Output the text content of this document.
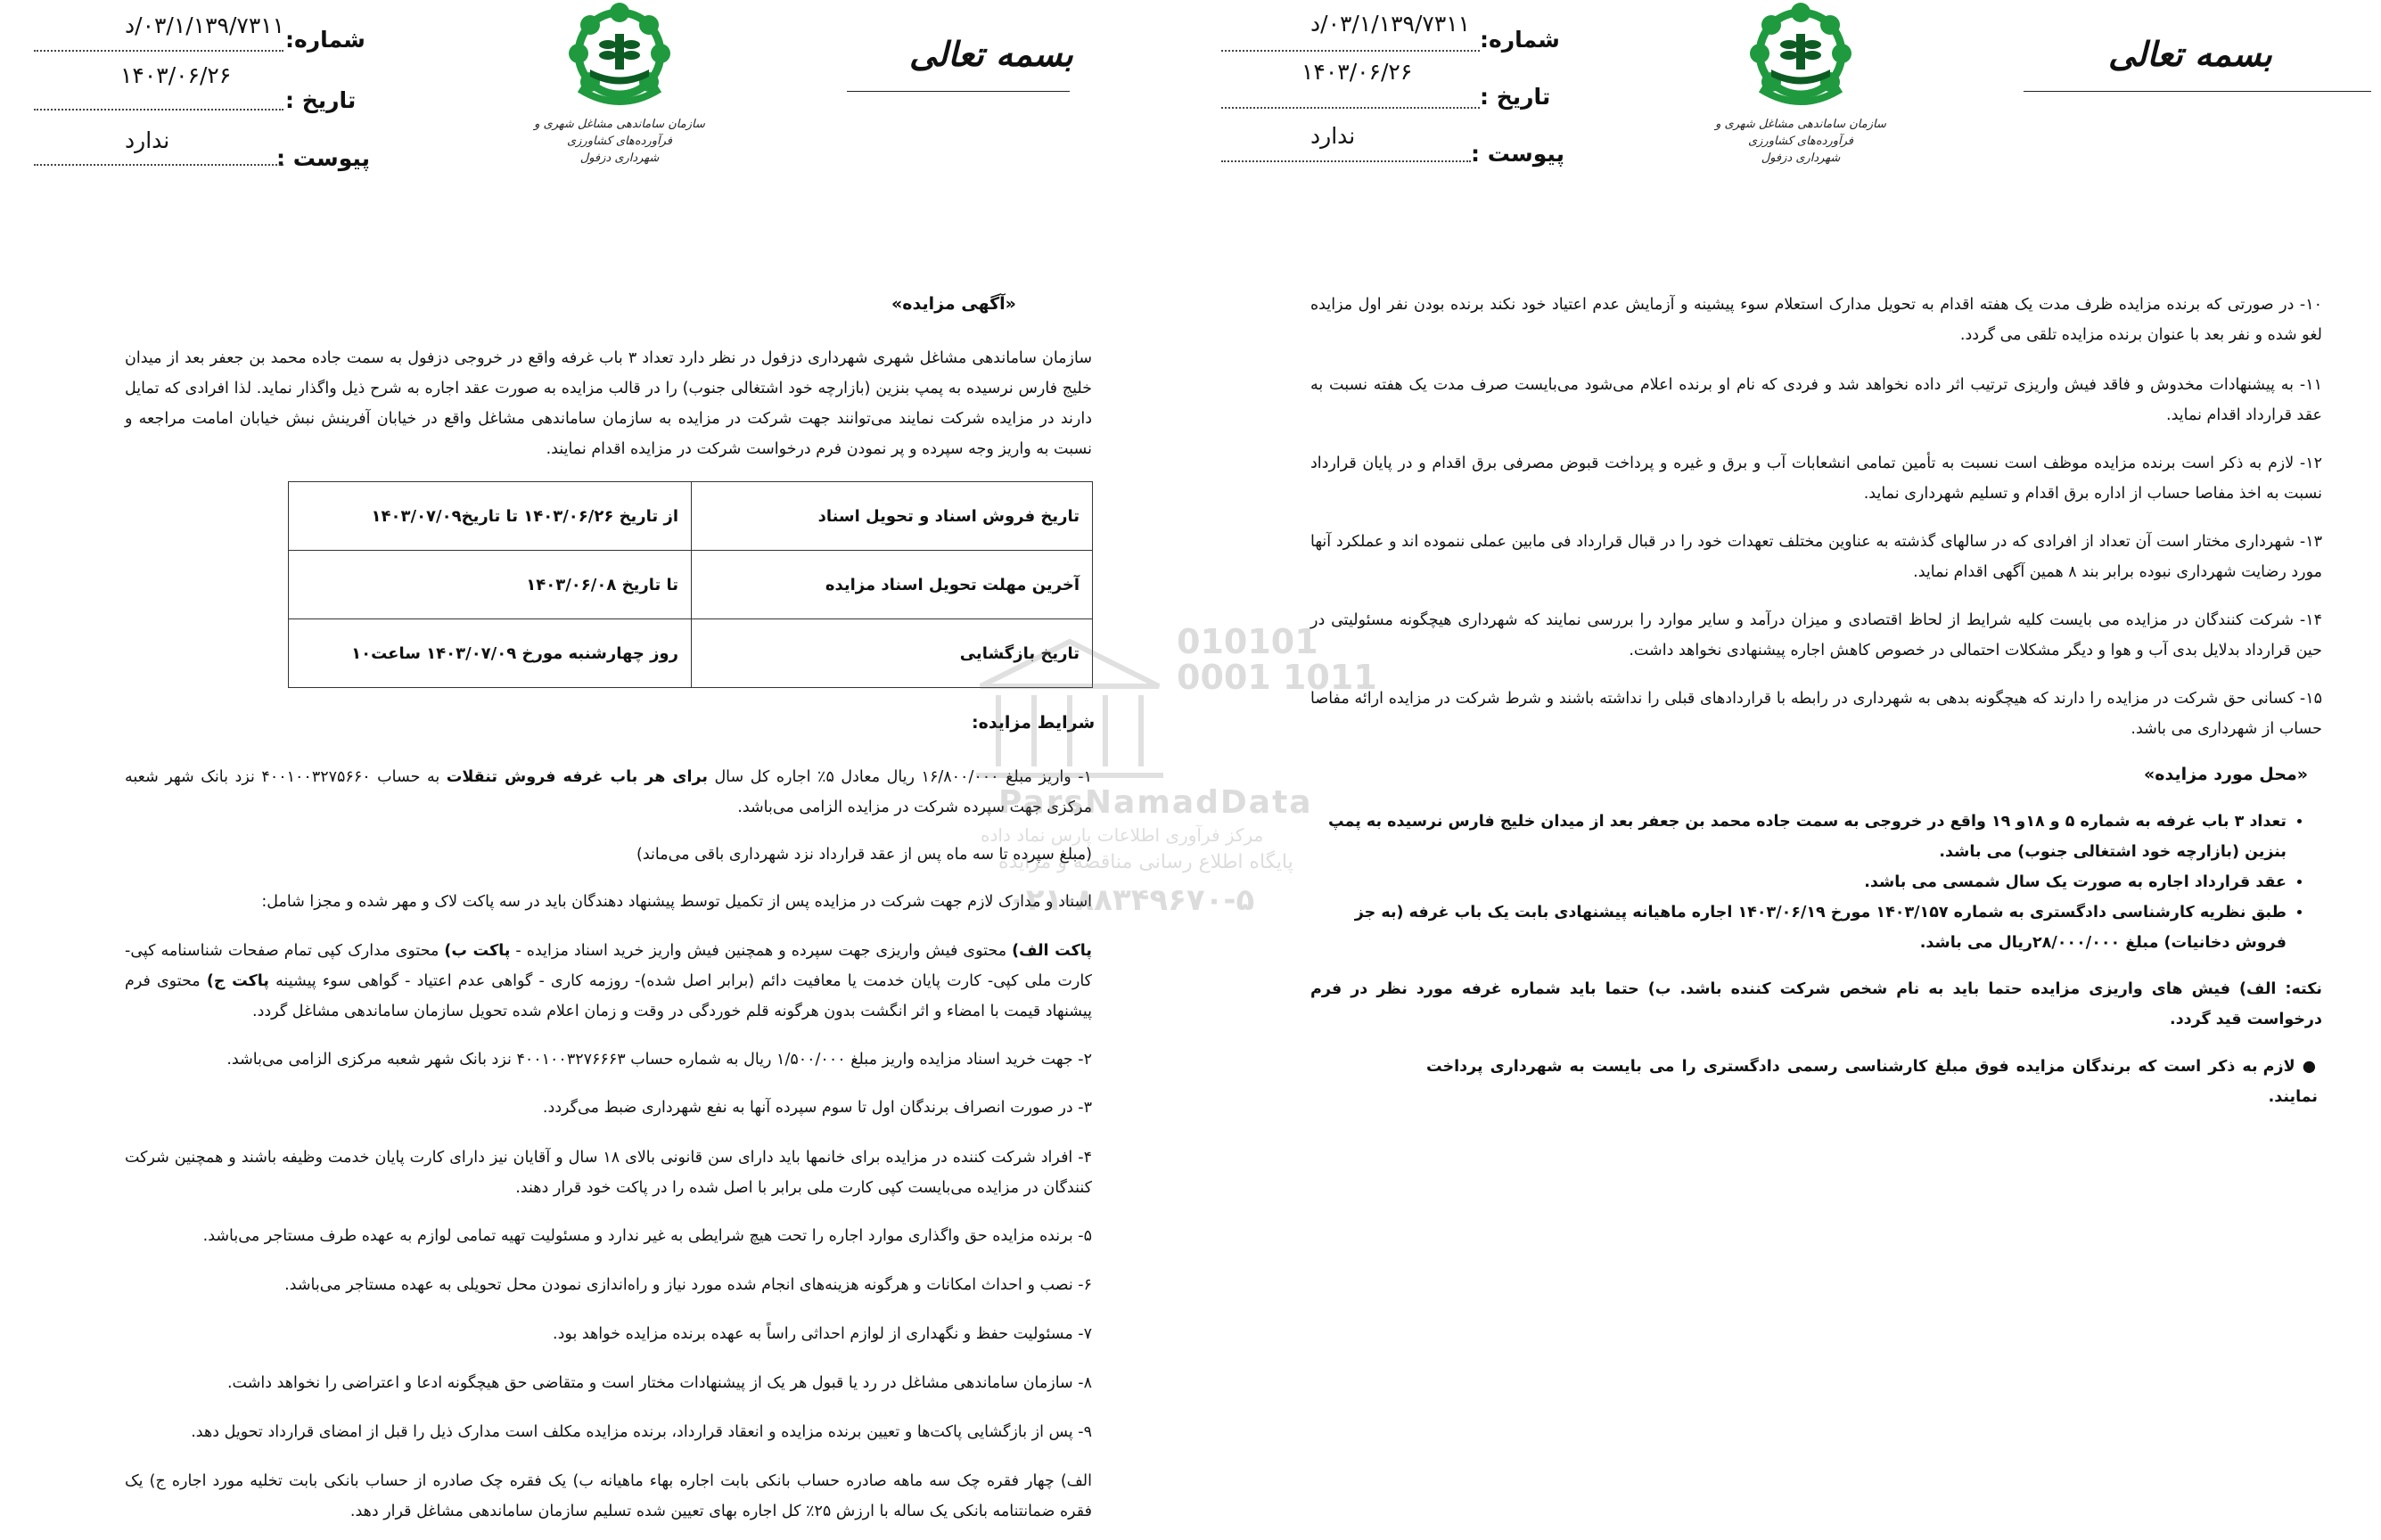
بسمه تعالی
سازمان ساماندهی مشاغل شهری و فرآورده‌های کشاورزی
شهرداری دزفول
شماره:
۰۳/۱/۱۳۹/۷۳۱۱/د
تاریخ :
۱۴۰۳/۰۶/۲۶
پیوست :
ندارد
«آگهی مزایده»
سازمان ساماندهی مشاغل شهری شهرداری دزفول در نظر دارد تعداد ۳ باب غرفه واقع در خروجی دزفول به سمت جاده محمد بن جعفر بعد از میدان خلیج فارس نرسیده به پمپ بنزین (بازارچه خود اشتغالی جنوب) را در قالب مزایده به صورت عقد اجاره به شرح ذیل واگذار نماید. لذا افرادی که تمایل دارند در مزایده شرکت نمایند می‌توانند جهت شرکت در مزایده به سازمان ساماندهی مشاغل واقع در خیابان آفرینش نبش خیابان امامت مراجعه و نسبت به واریز وجه سپرده و پر نمودن فرم درخواست شرکت در مزایده اقدام نمایند.
تاریخ فروش اسناد و تحویل اسناد	از تاریخ ۱۴۰۳/۰۶/۲۶ تا تاریخ۱۴۰۳/۰۷/۰۹
آخرین مهلت تحویل اسناد مزایده	تا تاریخ ۱۴۰۳/۰۶/۰۸
تاریخ بازگشایی	روز چهارشنبه مورخ ۱۴۰۳/۰۷/۰۹ ساعت۱۰
شرایط مزایده:
۱- واریز مبلغ ۱۶/۸۰۰/۰۰۰ ریال معادل ۵٪ اجاره کل سال برای هر باب غرفه فروش تنقلات به حساب ۴۰۰۱۰۰۳۲۷۵۶۶۰ نزد بانک شهر شعبه مرکزی جهت سپرده شرکت در مزایده الزامی می‌باشد.
(مبلغ سپرده تا سه ماه پس از عقد قرارداد نزد شهرداری باقی می‌ماند)
اسناد و مدارک لازم جهت شرکت در مزایده پس از تکمیل توسط پیشنهاد دهندگان باید در سه پاکت لاک و مهر شده و مجزا شامل:
پاکت الف) محتوی فیش واریزی جهت سپرده و همچنین فیش واریز خرید اسناد مزایده - پاکت ب) محتوی مدارک کپی تمام صفحات شناسنامه کپی- کارت ملی کپی- کارت پایان خدمت یا معافیت دائم (برابر اصل شده)- روزمه کاری - گواهی عدم اعتیاد - گواهی سوء پیشینه پاکت ج) محتوی فرم پیشنهاد قیمت با امضاء و اثر انگشت بدون هرگونه قلم خوردگی در وقت و زمان اعلام شده تحویل سازمان ساماندهی مشاغل گردد.
۲- جهت خرید اسناد مزایده واریز مبلغ ۱/۵۰۰/۰۰۰ ریال به شماره حساب ۴۰۰۱۰۰۳۲۷۶۶۶۳ نزد بانک شهر شعبه مرکزی الزامی می‌باشد.
۳- در صورت انصراف برندگان اول تا سوم سپرده آنها به نفع شهرداری ضبط می‌گردد.
۴- افراد شرکت کننده در مزایده برای خانمها باید دارای سن قانونی بالای ۱۸ سال و آقایان نیز دارای کارت پایان خدمت وظیفه باشند و همچنین شرکت کنندگان در مزایده می‌بایست کپی کارت ملی برابر با اصل شده را در پاکت خود قرار دهند.
۵- برنده مزایده حق واگذاری موارد اجاره را تحت هیچ شرایطی به غیر ندارد و مسئولیت تهیه تمامی لوازم به عهده طرف مستاجر می‌باشد.
۶- نصب و احداث امکانات و هرگونه هزینه‌های انجام شده مورد نیاز و راه‌اندازی نمودن محل تحویلی به عهده مستاجر می‌باشد.
۷- مسئولیت حفظ و نگهداری از لوازم احداثی راساً به عهده برنده مزایده خواهد بود.
۸- سازمان ساماندهی مشاغل در رد یا قبول هر یک از پیشنهادات مختار است و متقاضی حق هیچگونه ادعا و اعتراضی را نخواهد داشت.
۹- پس از بازگشایی پاکت‌ها و تعیین برنده مزایده و انعقاد قرارداد، برنده مزایده مکلف است مدارک ذیل را قبل از امضای قرارداد تحویل دهد.
الف) چهار فقره چک سه ماهه صادره حساب بانکی بابت اجاره بهاء ماهیانه ب) یک فقره چک صادره از حساب بانکی بابت تخلیه مورد اجاره ج) یک فقره ضمانتنامه بانکی یک ساله با ارزش ۲۵٪ کل اجاره بهای تعیین شده تسلیم سازمان ساماندهی مشاغل قرار دهد.
بسمه تعالی
سازمان ساماندهی مشاغل شهری و فرآورده‌های کشاورزی
شهرداری دزفول
شماره:
۰۳/۱/۱۳۹/۷۳۱۱/د
تاریخ :
۱۴۰۳/۰۶/۲۶
پیوست :
ندارد
۱۰- در صورتی که برنده مزایده ظرف مدت یک هفته اقدام به تحویل مدارک استعلام سوء پیشینه و آزمایش عدم اعتیاد خود نکند برنده بودن نفر اول مزایده لغو شده و نفر بعد با عنوان برنده مزایده تلقی می گردد.
۱۱- به پیشنهادات مخدوش و فاقد فیش واریزی ترتیب اثر داده نخواهد شد و فردی که نام او برنده اعلام می‌شود می‌بایست صرف مدت یک هفته نسبت به عقد قرارداد اقدام نماید.
۱۲- لازم به ذکر است برنده مزایده موظف است نسبت به تأمین تمامی انشعابات آب و برق و غیره و پرداخت قبوض مصرفی برق اقدام و در پایان قرارداد نسبت به اخذ مفاصا حساب از اداره برق اقدام و تسلیم شهرداری نماید.
۱۳- شهرداری مختار است آن تعداد از افرادی که در سالهای گذشته به عناوین مختلف تعهدات خود را در قبال قرارداد فی مابین عملی ننموده اند و عملکرد آنها مورد رضایت شهرداری نبوده برابر بند ۸ همین آگهی اقدام نماید.
۱۴- شرکت کنندگان در مزایده می بایست کلیه شرایط از لحاظ اقتصادی و میزان درآمد و سایر موارد را بررسی نمایند که شهرداری هیچگونه مسئولیتی در حین قرارداد بدلایل بدی آب و هوا و دیگر مشکلات احتمالی در خصوص کاهش اجاره پیشنهادی نخواهد داشت.
۱۵- کسانی حق شرکت در مزایده را دارند که هیچگونه بدهی به شهرداری در رابطه با قراردادهای قبلی را نداشته باشند و شرط شرکت در مزایده ارائه مفاصا حساب از شهرداری می باشد.
«محل مورد مزایده»
• تعداد ۳ باب غرفه به شماره ۵ و ۱۸و ۱۹ واقع در خروجی به سمت جاده محمد بن جعفر بعد از میدان خلیج فارس نرسیده به پمپ بنزین (بازارچه خود اشتغالی جنوب) می باشد.
• عقد قرارداد اجاره به صورت یک سال شمسی می باشد.
• طبق نظریه کارشناسی دادگستری به شماره ۱۴۰۳/۱۵۷ مورخ ۱۴۰۳/۰۶/۱۹ اجاره ماهیانه پیشنهادی بابت یک باب غرفه (به جز فروش دخانیات) مبلغ ۲۸/۰۰۰/۰۰۰ریال می باشد.
نکته: الف) فیش های واریزی مزایده حتما باید به نام شخص شرکت کننده باشد. ب) حتما باید شماره غرفه مورد نظر در فرم درخواست قید گردد.
● لازم به ذکر است که برندگان مزایده فوق مبلغ کارشناسی رسمی دادگستری را می بایست به شهرداری پرداخت نمایند.
010101 0001 1011
ParsNamadData
مرکز فرآوری اطلاعات پارس نماد داده
پایگاه اطلاع رسانی مناقصه و مزایده
۰۲۱-۸۸۳۴۹۶۷۰-۵
